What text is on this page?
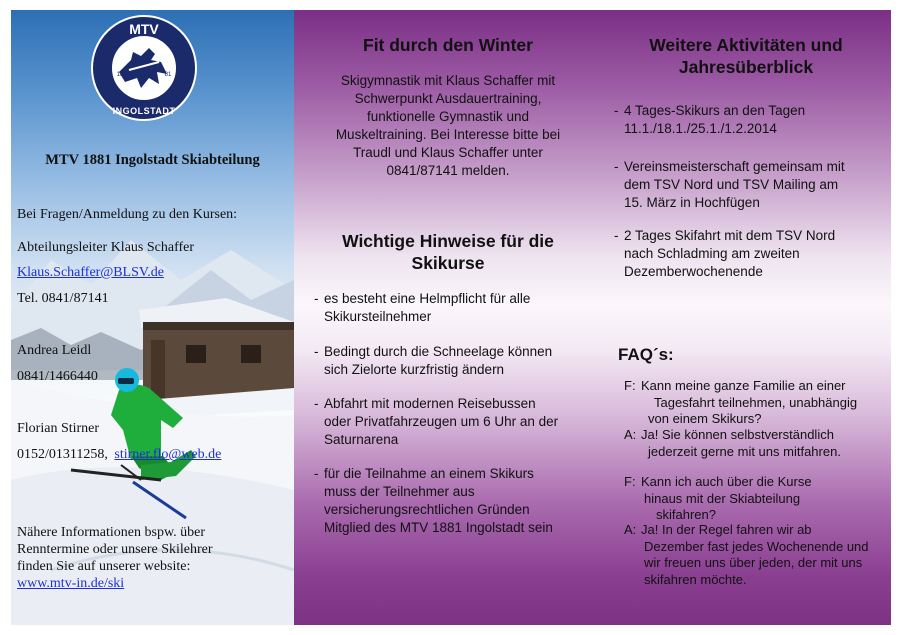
MTV
INGOLSTADT
18	81
MTV 1881 Ingolstadt Skiabteilung
Bei Fragen/Anmeldung zu den Kursen:
Abteilungsleiter Klaus Schaffer
Klaus.Schaffer@BLSV.de
Tel. 0841/87141
Andrea Leidl
0841/1466440
Florian Stirner
0152/01311258, stirner.flo@web.de
Nähere Informationen bspw. über
Renntermine oder unsere Skilehrer
finden Sie auf unserer website:
www.mtv-in.de/ski
Fit durch den Winter
Skigymnastik mit Klaus Schaffer mit
Schwerpunkt Ausdauertraining,
funktionelle Gymnastik und
Muskeltraining. Bei Interesse bitte bei
Traudl und Klaus Schaffer unter
0841/87141 melden.
Wichtige Hinweise für die
Skikurse
- es besteht eine Helmpflicht für alle
Skikursteilnehmer
- Bedingt durch die Schneelage können
sich Zielorte kurzfristig ändern
- Abfahrt mit modernen Reisebussen
oder Privatfahrzeugen um 6 Uhr an der
Saturnarena
- für die Teilnahme an einem Skikurs
muss der Teilnehmer aus
versicherungsrechtlichen Gründen
Mitglied des MTV 1881 Ingolstadt sein
Weitere Aktivitäten und
Jahresüberblick
- 4 Tages-Skikurs an den Tagen
11.1./18.1./25.1./1.2.2014
- Vereinsmeisterschaft gemeinsam mit
dem TSV Nord und TSV Mailing am
15. März in Hochfügen
- 2 Tages Skifahrt mit dem TSV Nord
nach Schladming am zweiten
Dezemberwochenende
FAQ´s:
F: Kann meine ganze Familie an einer
Tagesfahrt teilnehmen, unabhängig
von einem Skikurs?
A: Ja! Sie können selbstverständlich
jederzeit gerne mit uns mitfahren.
F: Kann ich auch über die Kurse
hinaus mit der Skiabteilung
skifahren?
A: Ja! In der Regel fahren wir ab
Dezember fast jedes Wochenende und
wir freuen uns über jeden, der mit uns
skifahren möchte.
